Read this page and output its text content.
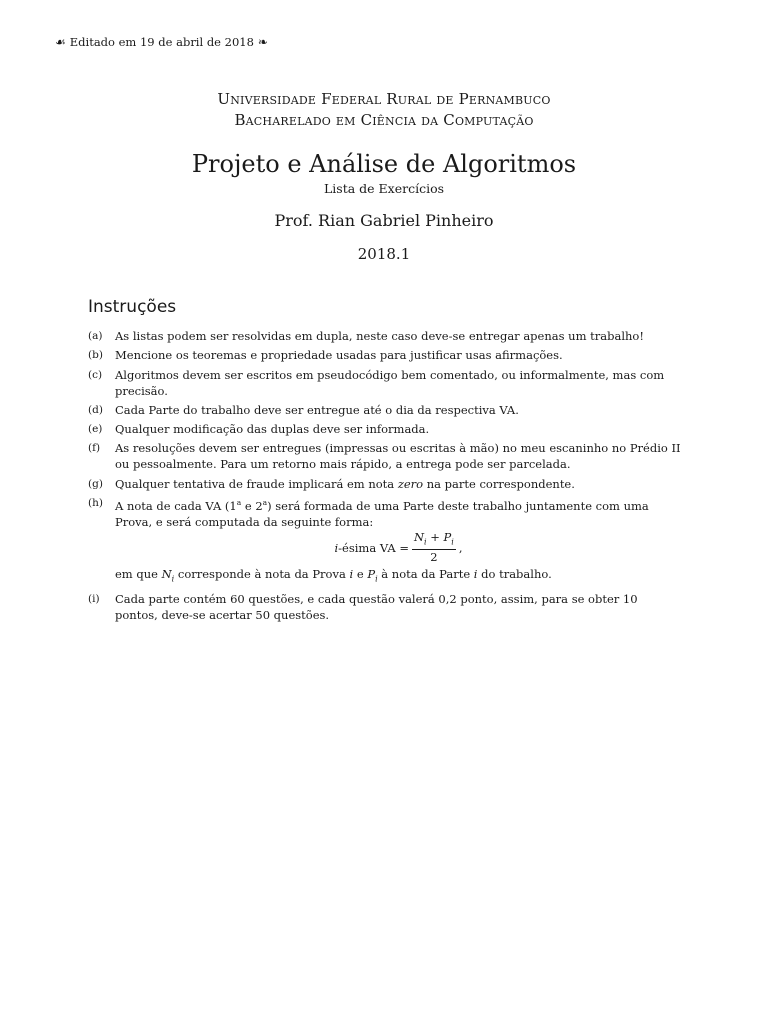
☙ Editado em 19 de abril de 2018 ❧
Universidade Federal Rural de Pernambuco
Bacharelado em Ciência da Computação
Projeto e Análise de Algoritmos
Lista de Exercícios
Prof. Rian Gabriel Pinheiro
2018.1
Instruções
(a)	As listas podem ser resolvidas em dupla, neste caso deve-se entregar apenas um trabalho!
(b)	Mencione os teoremas e propriedade usadas para justificar usas afirmações.
(c)	Algoritmos devem ser escritos em pseudocódigo bem comentado, ou informalmente, mas com precisão.
(d)	Cada Parte do trabalho deve ser entregue até o dia da respectiva VA.
(e)	Qualquer modificação das duplas deve ser informada.
(f)	As resoluções devem ser entregues (impressas ou escritas à mão) no meu escaninho no Prédio II ou pessoalmente. Para um retorno mais rápido, a entrega pode ser parcelada.
(g)	Qualquer tentativa de fraude implicará em nota zero na parte correspondente.
(h)	A nota de cada VA (1$^a$ e 2$^a$) será formada de uma Parte deste trabalho juntamente com uma Prova, e será computada da seguinte forma:
i-ésima VA = $\frac{N_i + P_i}{2}$ ,
em que $N_i$ corresponde à nota da Prova i e $P_i$ à nota da Parte i do trabalho.
(i)	Cada parte contém 60 questões, e cada questão valerá 0,2 ponto, assim, para se obter 10 pontos, deve-se acertar 50 questões.
